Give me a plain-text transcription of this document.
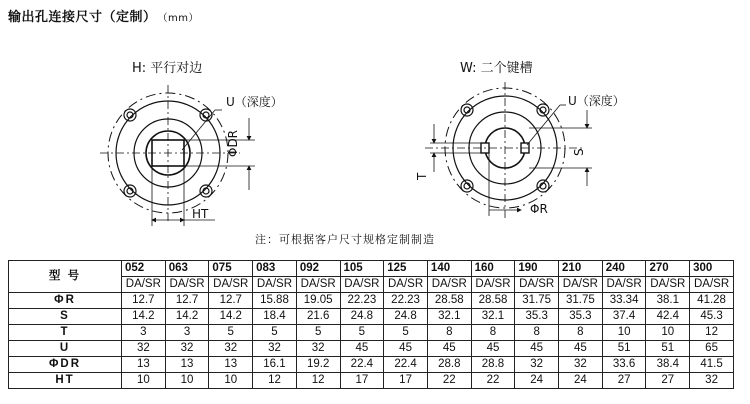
输出孔连接尺寸（定制） （mm）
H: 平行对边
U（深度）
ΦDR
HT
W: 二个键槽
U（深度）
S
T
ΦR
注：可根据客户尺寸规格定制制造
型 号	052	063	075	083	092	105	125	140	160	190	210	240	270	300
	DA/SR	DA/SR	DA/SR	DA/SR	DA/SR	DA/SR	DA/SR	DA/SR	DA/SR	DA/SR	DA/SR	DA/SR	DA/SR	DA/SR
ΦR	12.7	12.7	12.7	15.88	19.05	22.23	22.23	28.58	28.58	31.75	31.75	33.34	38.1	41.28
S	14.2	14.2	14.2	18.4	21.6	24.8	24.8	32.1	32.1	35.3	35.3	37.4	42.4	45.3
T	3	3	5	5	5	5	5	8	8	8	8	10	10	12
U	32	32	32	32	32	45	45	45	45	45	45	51	51	65
ΦDR	13	13	13	16.1	19.2	22.4	22.4	28.8	28.8	32	32	33.6	38.4	41.5
HT	10	10	10	12	12	17	17	22	22	24	24	27	27	32
